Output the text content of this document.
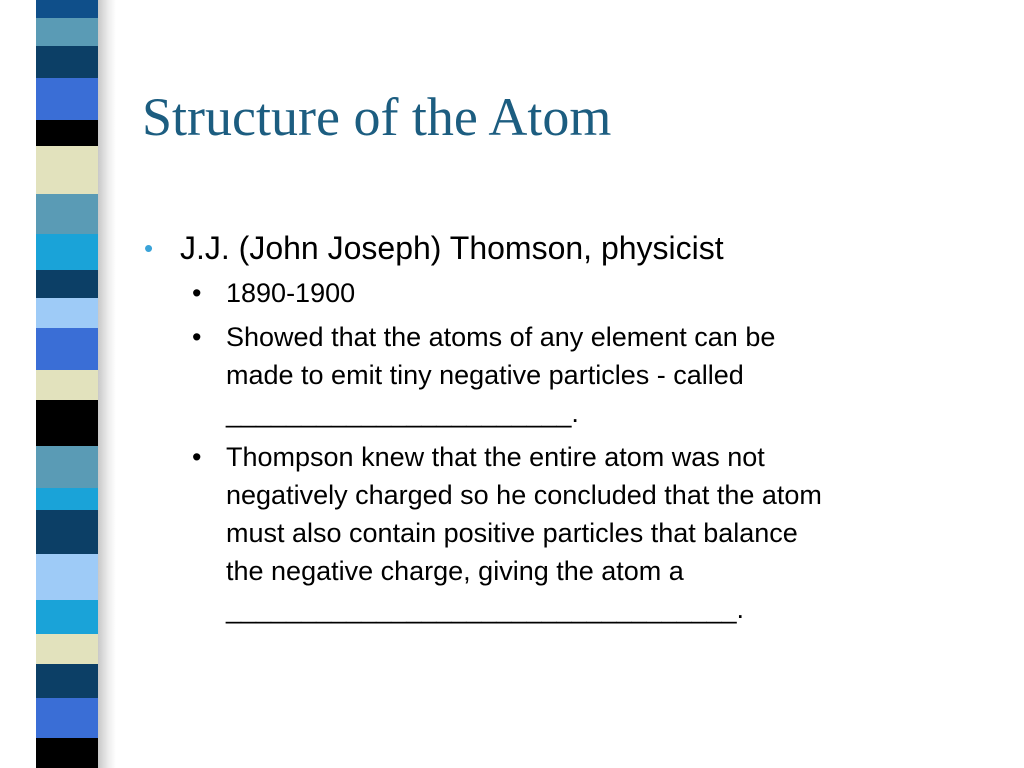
Structure of the Atom
• J.J. (John Joseph) Thomson, physicist
• 1890-1900
• Showed that the atoms of any element can be
made to emit tiny negative particles - called
_______________________.
• Thompson knew that the entire atom was not
negatively charged so he concluded that the atom
must also contain positive particles that balance
the negative charge, giving the atom a
__________________________________.
